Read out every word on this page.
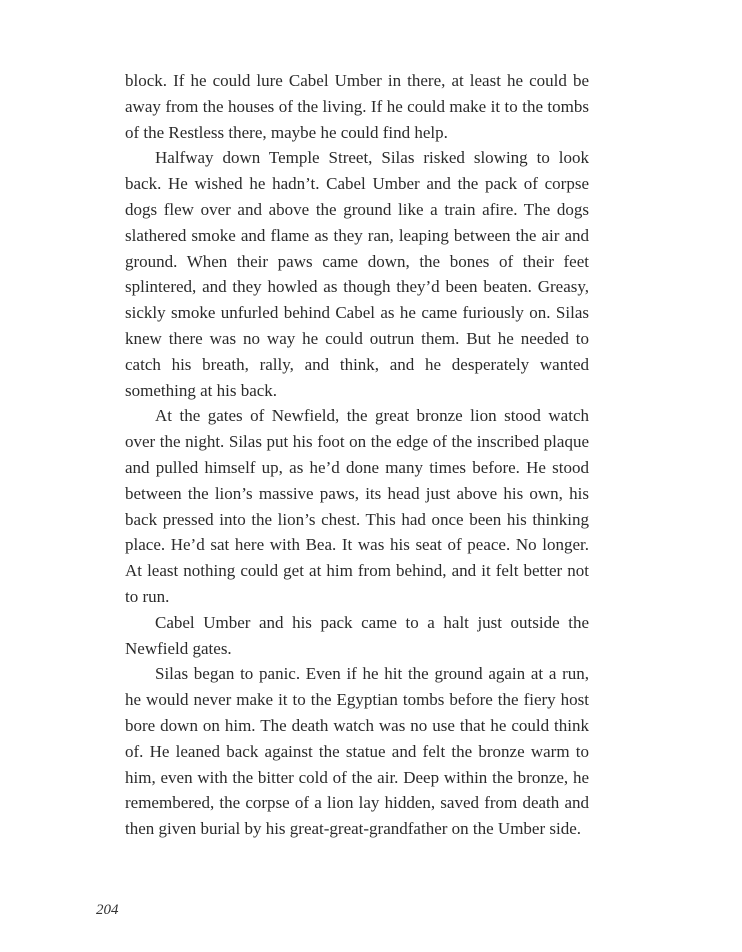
block. If he could lure Cabel Umber in there, at least he could be away from the houses of the living. If he could make it to the tombs of the Restless there, maybe he could find help.

Halfway down Temple Street, Silas risked slowing to look back. He wished he hadn’t. Cabel Umber and the pack of corpse dogs flew over and above the ground like a train afire. The dogs slathered smoke and flame as they ran, leaping between the air and ground. When their paws came down, the bones of their feet splintered, and they howled as though they’d been beaten. Greasy, sickly smoke unfurled behind Cabel as he came furiously on. Silas knew there was no way he could outrun them. But he needed to catch his breath, rally, and think, and he desperately wanted something at his back.

At the gates of Newfield, the great bronze lion stood watch over the night. Silas put his foot on the edge of the inscribed plaque and pulled himself up, as he’d done many times before. He stood between the lion’s massive paws, its head just above his own, his back pressed into the lion’s chest. This had once been his thinking place. He’d sat here with Bea. It was his seat of peace. No longer. At least nothing could get at him from behind, and it felt better not to run.

Cabel Umber and his pack came to a halt just outside the Newfield gates.

Silas began to panic. Even if he hit the ground again at a run, he would never make it to the Egyptian tombs before the fiery host bore down on him. The death watch was no use that he could think of. He leaned back against the statue and felt the bronze warm to him, even with the bitter cold of the air. Deep within the bronze, he remembered, the corpse of a lion lay hidden, saved from death and then given burial by his great-great-grandfather on the Umber side.

204
